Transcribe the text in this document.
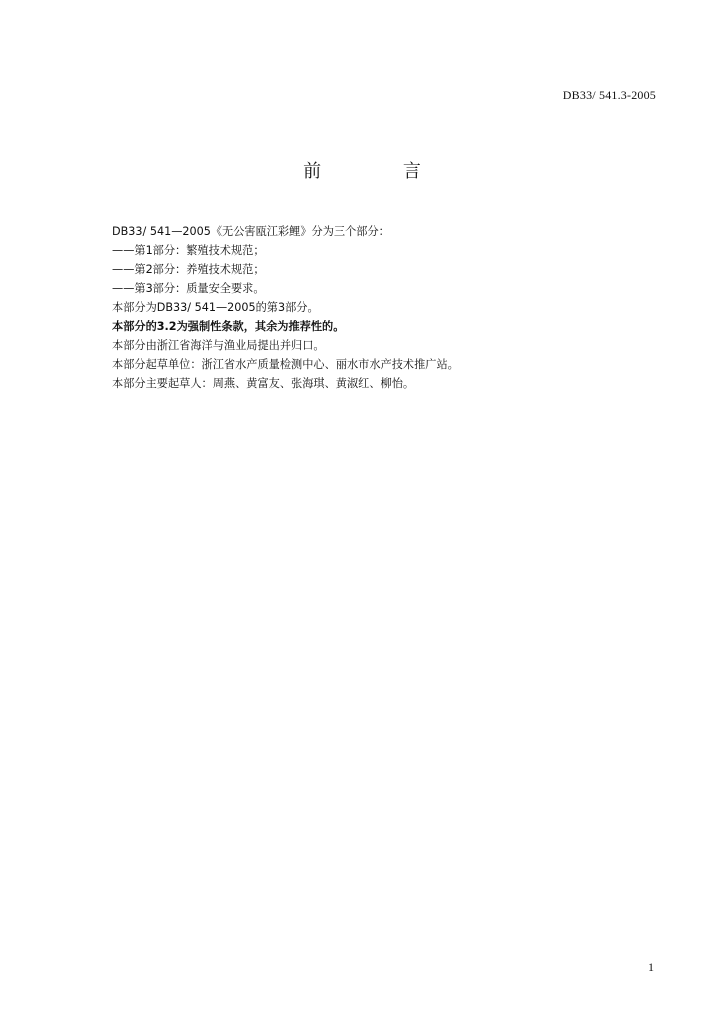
DB33/ 541.3-2005
前 言
DB33/ 541—2005《无公害瓯江彩鲤》分为三个部分：
——第1部分：繁殖技术规范；
——第2部分：养殖技术规范；
——第3部分：质量安全要求。
本部分为DB33/ 541—2005的第3部分。
本部分的3.2为强制性条款，其余为推荐性的。
本部分由浙江省海洋与渔业局提出并归口。
本部分起草单位：浙江省水产质量检测中心、丽水市水产技术推广站。
本部分主要起草人：周燕、黄富友、张海琪、黄淑红、柳怡。
1
